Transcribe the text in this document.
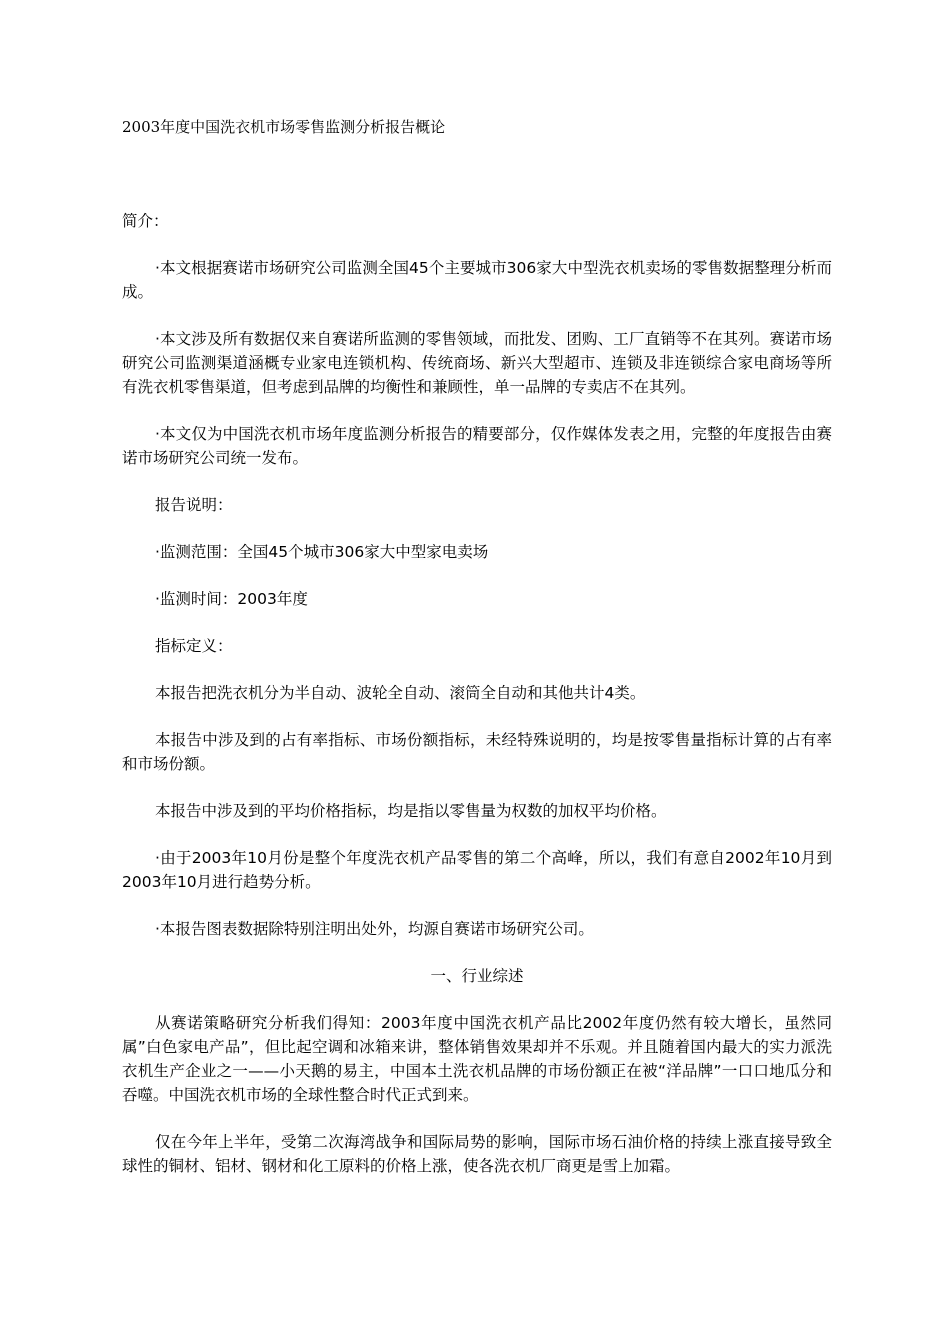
2003年度中国洗衣机市场零售监测分析报告概论

简介：

·本文根据赛诺市场研究公司监测全国45个主要城市306家大中型洗衣机卖场的零售数据整理分析而成。

·本文涉及所有数据仅来自赛诺所监测的零售领域，而批发、团购、工厂直销等不在其列。赛诺市场研究公司监测渠道涵概专业家电连锁机构、传统商场、新兴大型超市、连锁及非连锁综合家电商场等所有洗衣机零售渠道，但考虑到品牌的均衡性和兼顾性，单一品牌的专卖店不在其列。

·本文仅为中国洗衣机市场年度监测分析报告的精要部分，仅作媒体发表之用，完整的年度报告由赛诺市场研究公司统一发布。

报告说明：

·监测范围：全国45个城市306家大中型家电卖场

·监测时间：2003年度

指标定义：

本报告把洗衣机分为半自动、波轮全自动、滚筒全自动和其他共计4类。

本报告中涉及到的占有率指标、市场份额指标，未经特殊说明的，均是按零售量指标计算的占有率和市场份额。

本报告中涉及到的平均价格指标，均是指以零售量为权数的加权平均价格。

·由于2003年10月份是整个年度洗衣机产品零售的第二个高峰，所以，我们有意自2002年10月到2003年10月进行趋势分析。

·本报告图表数据除特别注明出处外，均源自赛诺市场研究公司。

一、行业综述

从赛诺策略研究分析我们得知：2003年度中国洗衣机产品比2002年度仍然有较大增长，虽然同属”白色家电产品”，但比起空调和冰箱来讲，整体销售效果却并不乐观。并且随着国内最大的实力派洗衣机生产企业之一——小天鹅的易主，中国本土洗衣机品牌的市场份额正在被“洋品牌”一口口地瓜分和吞噬。中国洗衣机市场的全球性整合时代正式到来。

仅在今年上半年，受第二次海湾战争和国际局势的影响，国际市场石油价格的持续上涨直接导致全球性的铜材、铝材、钢材和化工原料的价格上涨，使各洗衣机厂商更是雪上加霜。
